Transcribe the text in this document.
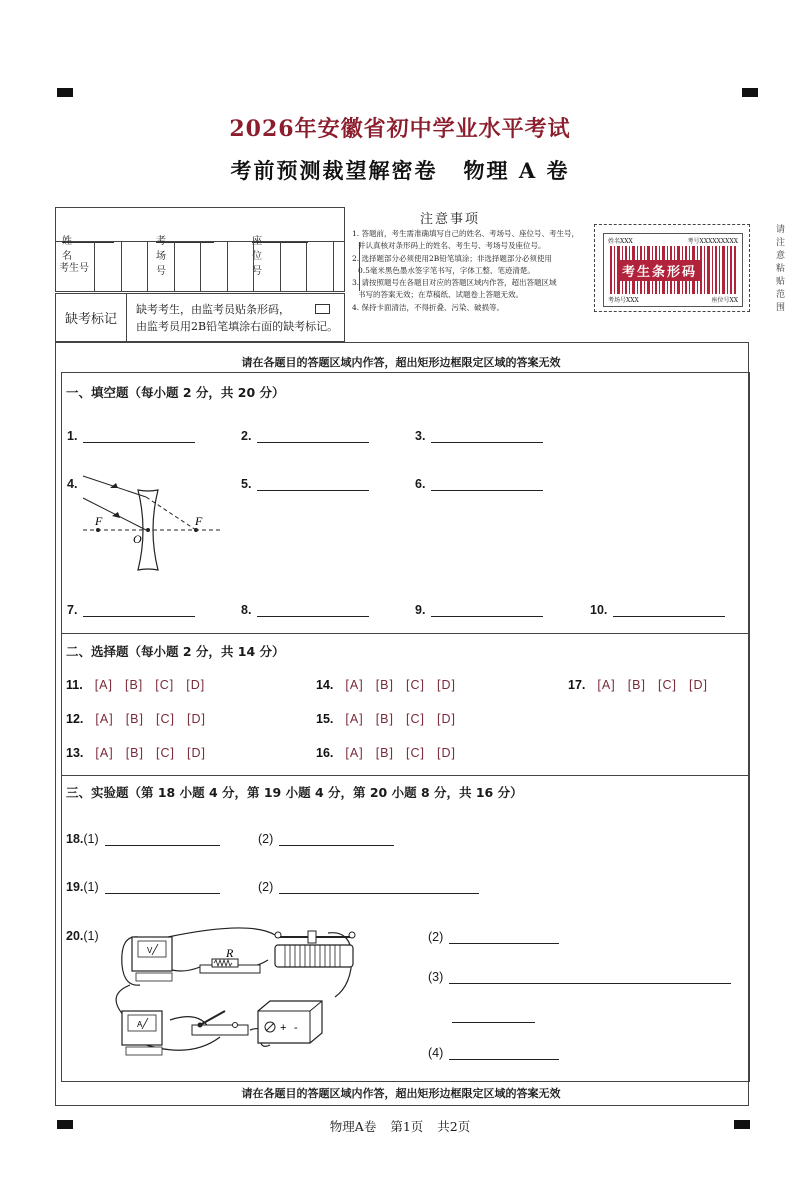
2026年安徽省初中学业水平考试
考前预测裁望解密卷 物理 A 卷
姓名
考场号
座位号
考生号
缺考标记
缺考考生，由监考员贴条形码，
由监考员用2B铅笔填涂右面的缺考标记。
注意事项
1. 答题前，考生需准确填写自己的姓名、考场号、座位号、考生号，
并认真核对条形码上的姓名、考生号、考场号及座位号。
2. 选择题部分必须使用2B铅笔填涂；非选择题部分必须使用
0.5毫米黑色墨水签字笔书写，字体工整、笔迹清楚。
3. 请按照题号在各题目对应的答题区域内作答，超出答题区域
书写的答案无效；在草稿纸、试题卷上答题无效。
4. 保持卡面清洁，不得折叠、污染、破损等。
姓名XXX	考号XXXXXXXXX
考生条形码
考场号XXX	座位号XX
请
注
意
粘
贴
范
围
请在各题目的答题区域内作答，超出矩形边框限定区域的答案无效
请在各题目的答题区域内作答，超出矩形边框限定区域的答案无效
一、填空题（每小题 2 分，共 20 分）
1.	2.	3.
4.	5.	6.
F
O
F
7.	8.	9.	10.
二、选择题（每小题 2 分，共 14 分）
11. [A] [B] [C] [D]	14. [A] [B] [C] [D]	17. [A] [B] [C] [D]
12. [A] [B] [C] [D]	15. [A] [B] [C] [D]
13. [A] [B] [C] [D]	16. [A] [B] [C] [D]
三、实验题（第 18 小题 4 分，第 19 小题 4 分，第 20 小题 8 分，共 16 分）
18.(1)	(2)
19.(1)	(2)
20.(1)	(2)
(3)
(4)
V	R
A	+ -
物理A卷 第1页 共2页
